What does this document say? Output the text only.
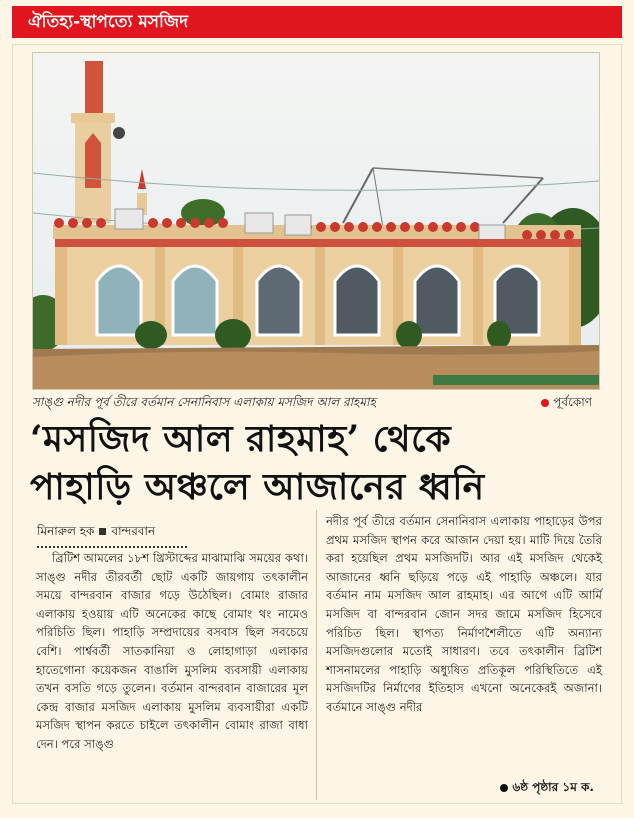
ঐতিহ্য-স্থাপত্যে মসজিদ
সাঙ্গু নদীর পূর্ব তীরে বর্তমান সেনানিবাস এলাকায় মসজিদ আল রাহমাহ	পূর্বকোণ
‘মসজিদ আল রাহমাহ’ থেকে
পাহাড়ি অঞ্চলে আজানের ধ্বনি
মিনারুল হক বান্দরবান
ব্রিটিশ আমলের ১৮শ খ্রিস্টাব্দের মাঝামাঝি সময়ের কথা। সাঙ্গু নদীর তীরবর্তী ছোট একটি জায়গায় তৎকালীন সময়ে বান্দরবান বাজার গড়ে উঠেছিল। বোমাং রাজার এলাকায় হওয়ায় এটি অনেকের কাছে বোমাং থং নামেও পরিচিতি ছিল। পাহাড়ি সম্প্রদায়ের বসবাস ছিল সবচেয়ে বেশি। পার্শ্ববর্তী সাতকানিয়া ও লোহাগাড়া এলাকার হাতেগোনা কয়েকজন বাঙালি মুসলিম ব্যবসায়ী এলাকায় তখন বসতি গড়ে তুলেন। বর্তমান বান্দরবান বাজারের মূল কেন্দ্র বাজার মসজিদ এলাকায় মুসলিম ব্যবসায়ীরা একটি মসজিদ স্থাপন করতে চাইলে তৎকালীন বোমাং রাজা বাধা দেন। পরে সাঙ্গু
নদীর পূর্ব তীরে বর্তমান সেনানিবাস এলাকায় পাহাড়ের উপর প্রথম মসজিদ স্থাপন করে আজান দেয়া হয়। মাটি দিয়ে তৈরি করা হয়েছিল প্রথম মসজিদটি। আর এই মসজিদ থেকেই আজানের ধ্বনি ছড়িয়ে পড়ে এই পাহাড়ি অঞ্চলে। যার বর্তমান নাম মসজিদ আল রাহমাহ। এর আগে এটি আর্মি মসজিদ বা বান্দরবান জোন সদর জামে মসজিদ হিসেবে পরিচিত ছিল। স্থাপত্য নির্মাণশৈলীতে এটি অন্যান্য মসজিদগুলোর মতোই সাধারণ। তবে তৎকালীন ব্রিটিশ শাসনামলের পাহাড়ি অধ্যুষিত প্রতিকূল পরিস্থিতিতে এই মসজিদটির নির্মাণের ইতিহাস এখনো অনেকেরই অজানা। বর্তমানে সাঙ্গু নদীর
৬ষ্ঠ পৃষ্ঠার ১ম ক.
